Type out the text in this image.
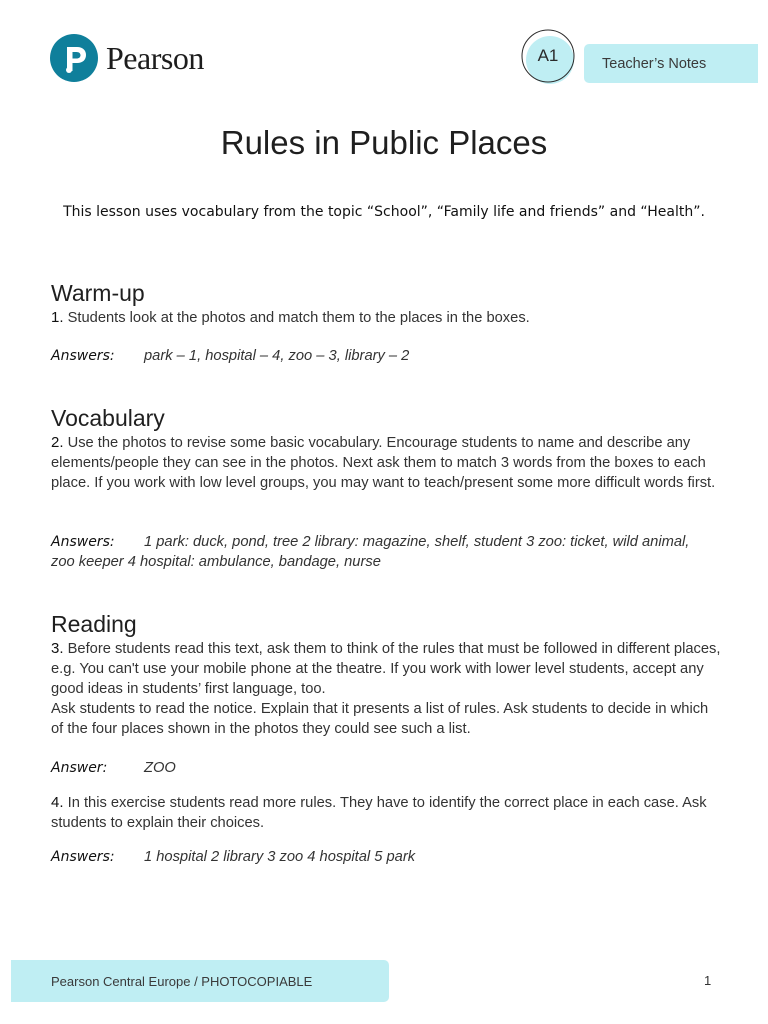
Pearson	A1	Teacher’s Notes
Rules in Public Places

This lesson uses vocabulary from the topic “School”, “Family life and friends” and “Health”.

Warm-up

1. Students look at the photos and match them to the places in the boxes.

Answers: park – 1, hospital – 4, zoo – 3, library – 2
Vocabulary

2. Use the photos to revise some basic vocabulary. Encourage students to name and describe any elements/people they can see in the photos. Next ask them to match 3 words from the boxes to each place. If you work with low level groups, you may want to teach/present some more difficult words first.

Answers: 1 park: duck, pond, tree 2 library: magazine, shelf, student 3 zoo: ticket, wild animal, zoo keeper 4 hospital: ambulance, bandage, nurse

Reading

3. Before students read this text, ask them to think of the rules that must be followed in different places, e.g. You can't use your mobile phone at the theatre. If you work with lower level students, accept any good ideas in students’ first language, too.
Ask students to read the notice. Explain that it presents a list of rules. Ask students to decide in which of the four places shown in the photos they could see such a list.

Answer: ZOO

4. In this exercise students read more rules. They have to identify the correct place in each case. Ask students to explain their choices.

Answers: 1 hospital 2 library 3 zoo 4 hospital 5 park
Pearson Central Europe / PHOTOCOPIABLE	1
